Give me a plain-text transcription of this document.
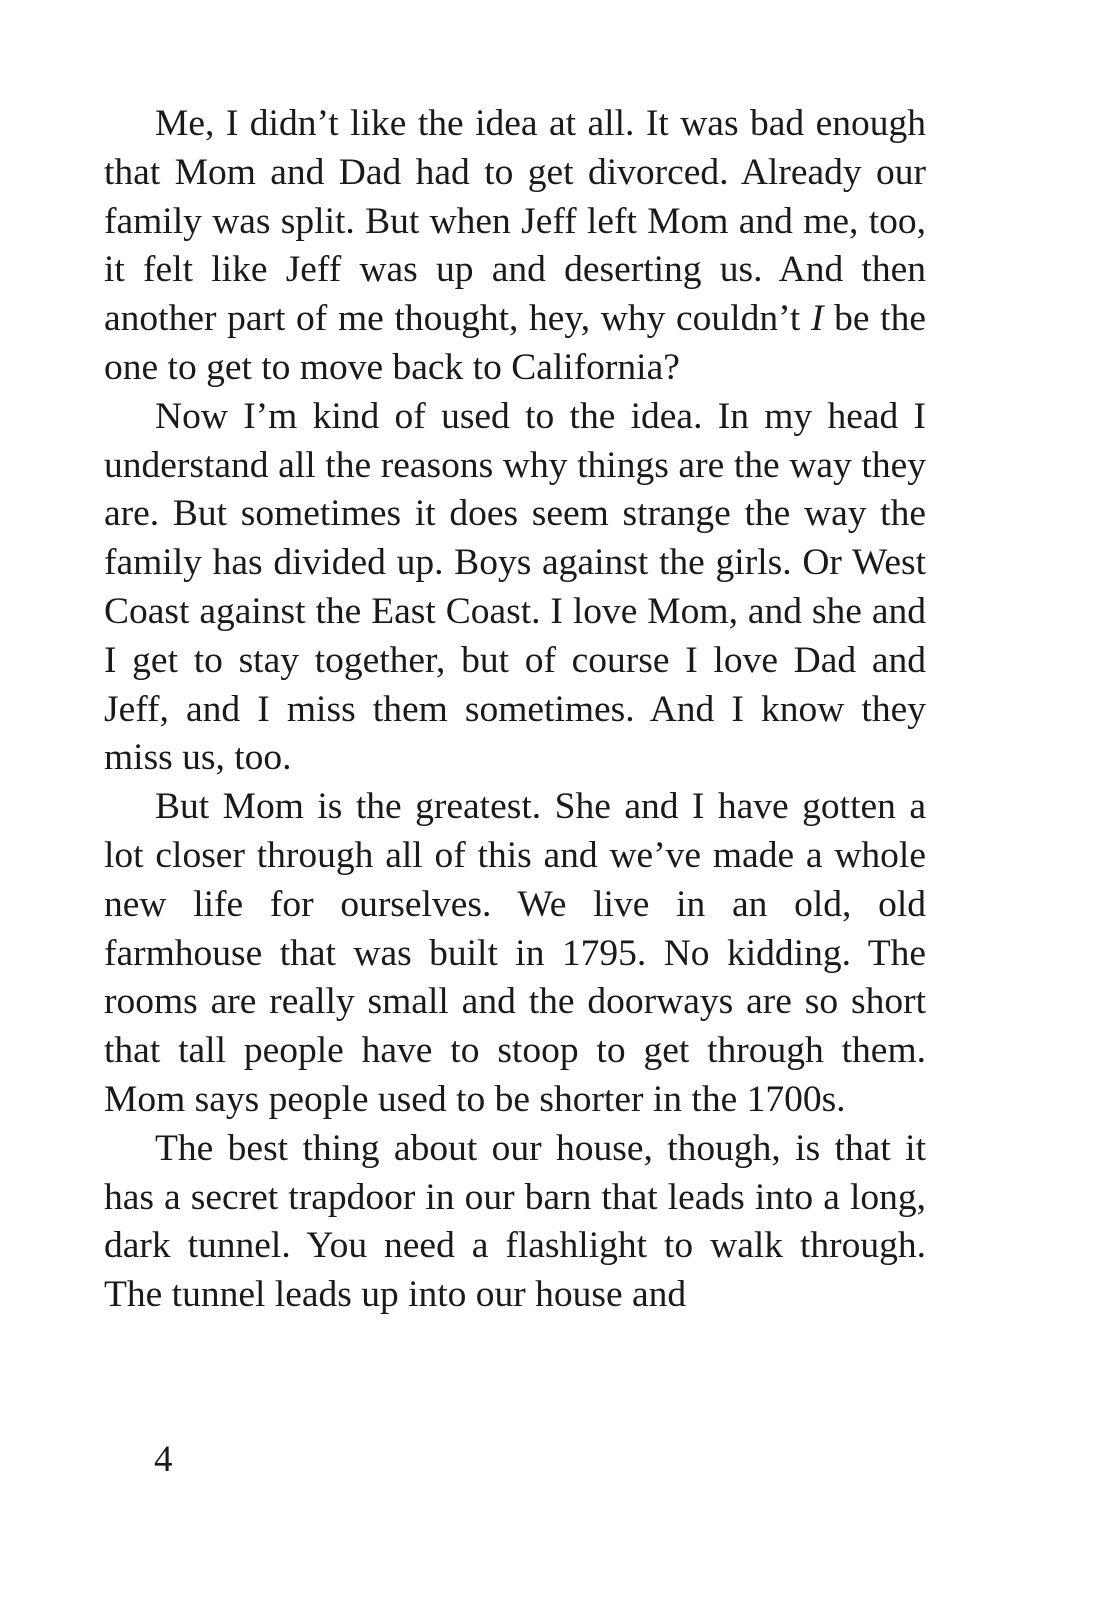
Me, I didn’t like the idea at all. It was bad enough that Mom and Dad had to get divorced. Already our family was split. But when Jeff left Mom and me, too, it felt like Jeff was up and deserting us. And then another part of me thought, hey, why couldn’t I be the one to get to move back to California?

Now I’m kind of used to the idea. In my head I understand all the reasons why things are the way they are. But sometimes it does seem strange the way the family has divided up. Boys against the girls. Or West Coast against the East Coast. I love Mom, and she and I get to stay together, but of course I love Dad and Jeff, and I miss them sometimes. And I know they miss us, too.

But Mom is the greatest. She and I have gotten a lot closer through all of this and we’ve made a whole new life for ourselves. We live in an old, old farmhouse that was built in 1795. No kidding. The rooms are really small and the doorways are so short that tall people have to stoop to get through them. Mom says people used to be shorter in the 1700s.

The best thing about our house, though, is that it has a secret trapdoor in our barn that leads into a long, dark tunnel. You need a flashlight to walk through. The tunnel leads up into our house and

4
